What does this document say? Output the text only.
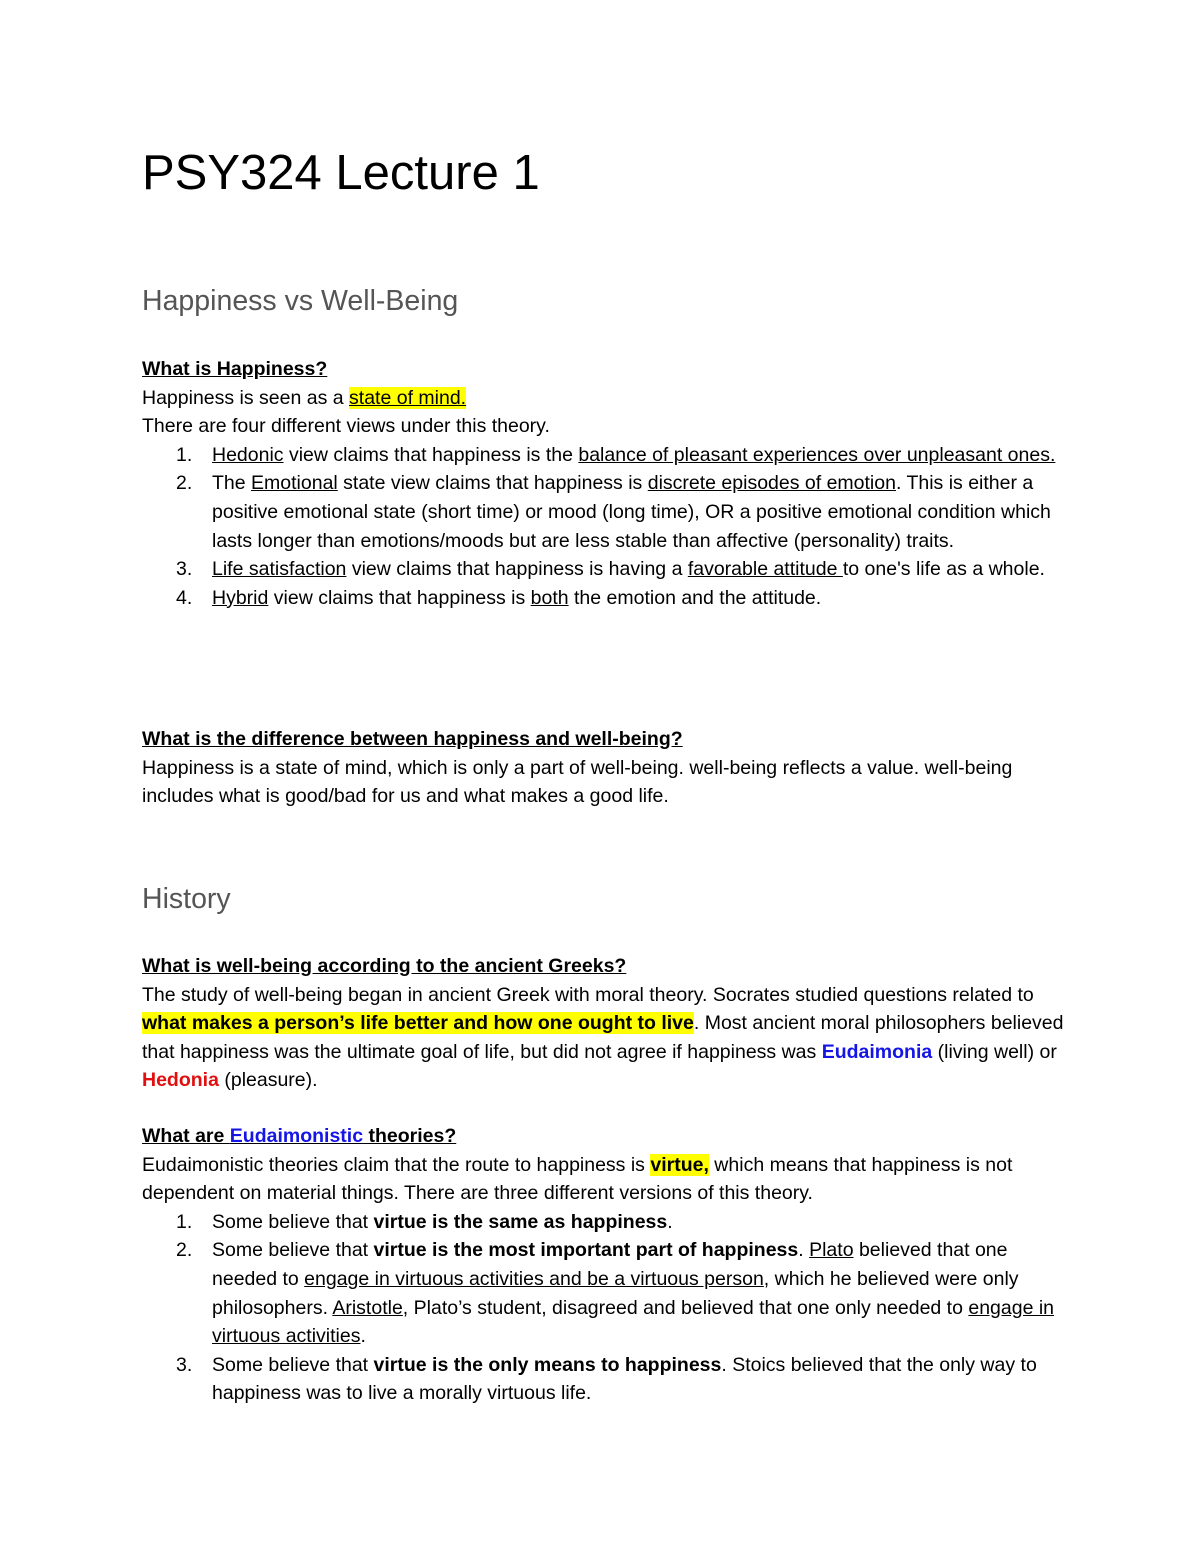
PSY324 Lecture 1
Happiness vs Well-Being
What is Happiness?
Happiness is seen as a state of mind.
There are four different views under this theory.
1. Hedonic view claims that happiness is the balance of pleasant experiences over unpleasant ones.
2. The Emotional state view claims that happiness is discrete episodes of emotion. This is either a positive emotional state (short time) or mood (long time), OR a positive emotional condition which lasts longer than emotions/moods but are less stable than affective (personality) traits.
3. Life satisfaction view claims that happiness is having a favorable attitude to one's life as a whole.
4. Hybrid view claims that happiness is both the emotion and the attitude.
What is the difference between happiness and well-being?
Happiness is a state of mind, which is only a part of well-being. well-being reflects a value. well-being includes what is good/bad for us and what makes a good life.
History
What is well-being according to the ancient Greeks?
The study of well-being began in ancient Greek with moral theory. Socrates studied questions related to what makes a person’s life better and how one ought to live. Most ancient moral philosophers believed that happiness was the ultimate goal of life, but did not agree if happiness was Eudaimonia (living well) or Hedonia (pleasure).
What are Eudaimonistic theories?
Eudaimonistic theories claim that the route to happiness is virtue, which means that happiness is not dependent on material things. There are three different versions of this theory.
1. Some believe that virtue is the same as happiness.
2. Some believe that virtue is the most important part of happiness. Plato believed that one needed to engage in virtuous activities and be a virtuous person, which he believed were only philosophers. Aristotle, Plato’s student, disagreed and believed that one only needed to engage in virtuous activities.
3. Some believe that virtue is the only means to happiness. Stoics believed that the only way to happiness was to live a morally virtuous life.
